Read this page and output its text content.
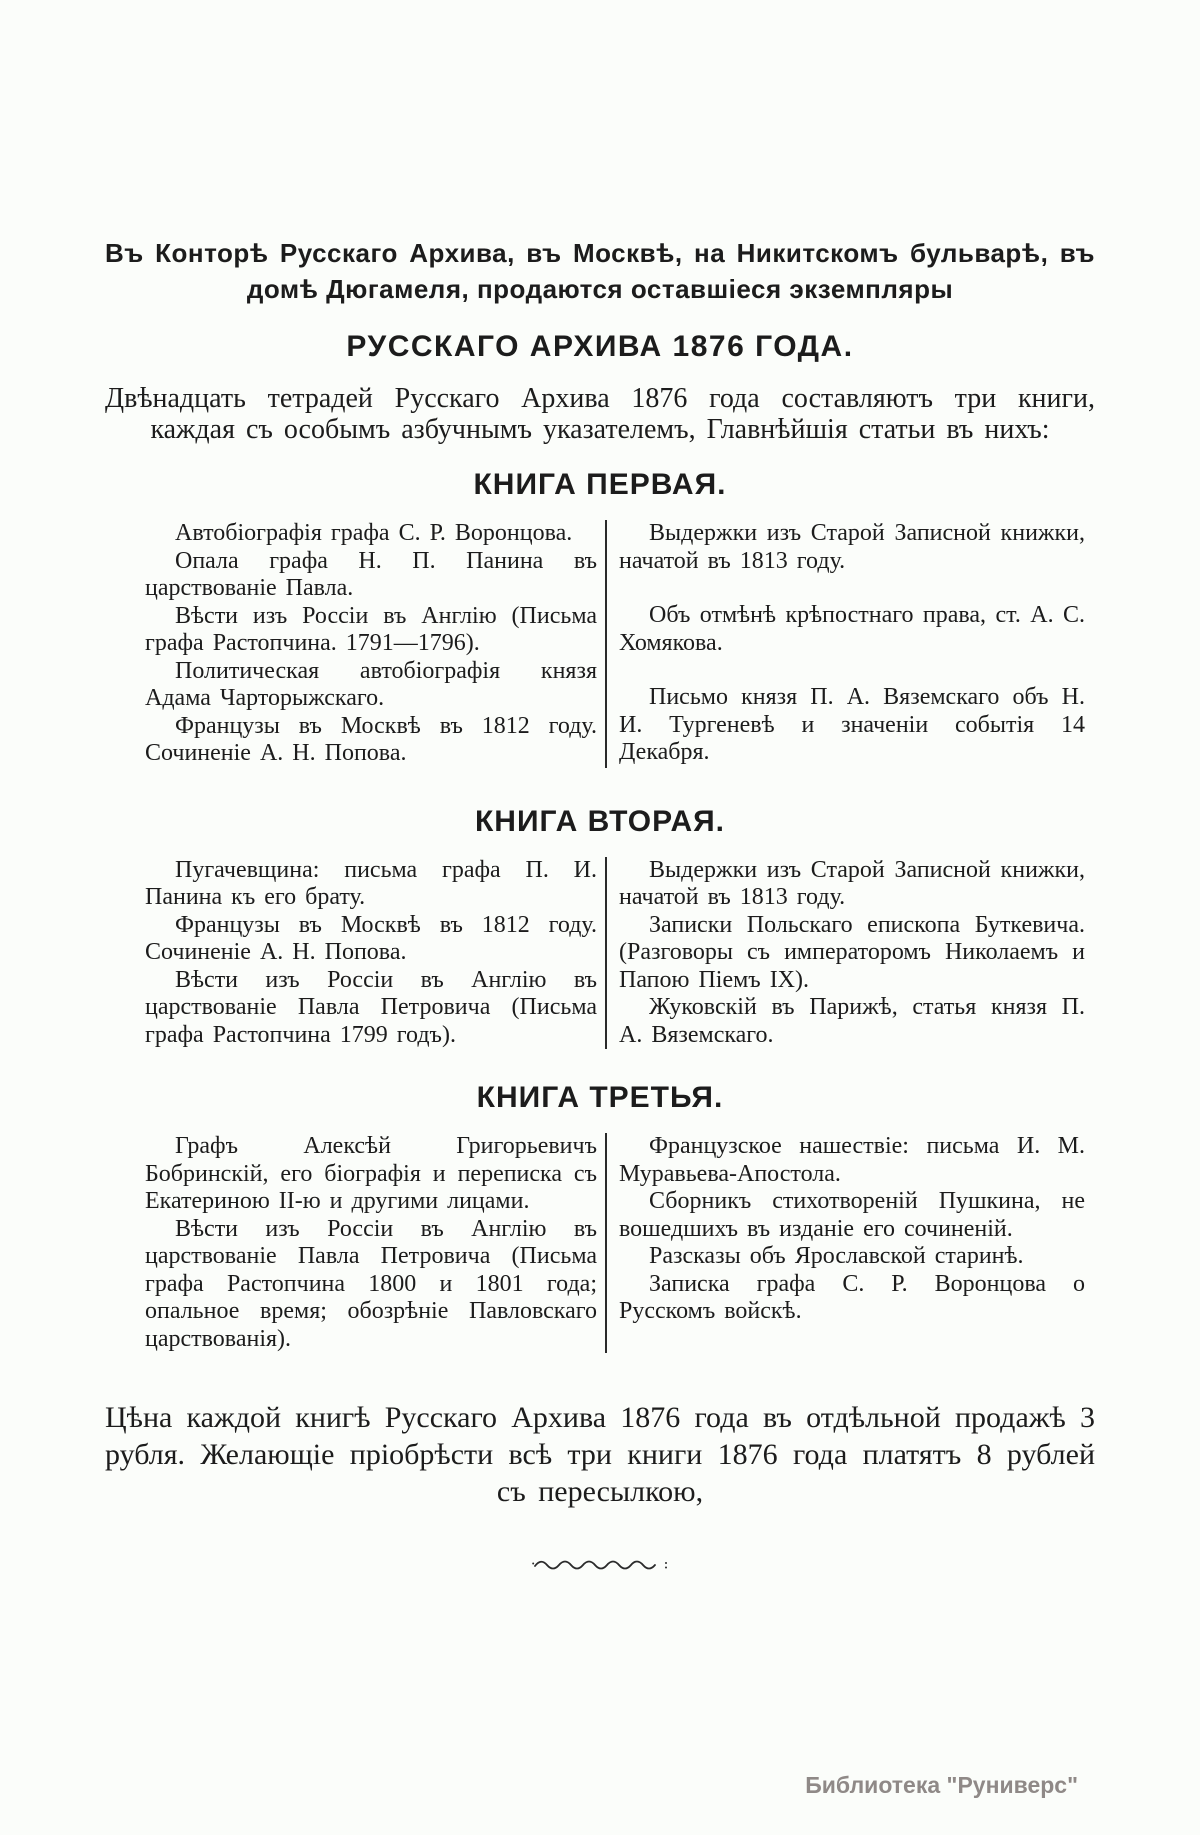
Въ Конторѣ Русскаго Архива, въ Москвѣ, на Никитскомъ бульварѣ, въ домѣ Дюгамеля, продаются оставшіеся экземпляры

РУССКАГО АРХИВА 1876 ГОДА.

Двѣнадцать тетрадей Русскаго Архива 1876 года составляютъ три книги, каждая съ особымъ азбучнымъ указателемъ, Главнѣйшія статьи въ нихъ:

КНИГА ПЕРВАЯ.

Автобіографія графа С. Р. Воронцова.

Опала графа Н. П. Панина въ царствованіе Павла.

Вѣсти изъ Россіи въ Англію (Письма графа Растопчина. 1791—1796).

Политическая автобіографія князя Адама Чарторыжскаго.

Французы въ Москвѣ въ 1812 году. Сочиненіе А. Н. Попова.

Выдержки изъ Старой Записной книжки, начатой въ 1813 году.

Объ отмѣнѣ крѣпостнаго права, ст. А. С. Хомякова.

Письмо князя П. А. Вяземскаго объ Н. И. Тургеневѣ и значеніи событія 14 Декабря.

КНИГА ВТОРАЯ.

Пугачевщина: письма графа П. И. Панина къ его брату.

Французы въ Москвѣ въ 1812 году. Сочиненіе А. Н. Попова.

Вѣсти изъ Россіи въ Англію въ царствованіе Павла Петровича (Письма графа Растопчина 1799 годъ).

Выдержки изъ Старой Записной книжки, начатой въ 1813 году.

Записки Польскаго епископа Буткевича. (Разговоры съ императоромъ Николаемъ и Папою Піемъ IX).

Жуковскій въ Парижѣ, статья князя П. А. Вяземскаго.

КНИГА ТРЕТЬЯ.

Графъ Алексѣй Григорьевичъ Бобринскій, его біографія и переписка съ Екатериною II-ю и другими лицами.

Вѣсти изъ Россіи въ Англію въ царствованіе Павла Петровича (Письма графа Растопчина 1800 и 1801 года; опальное время; обозрѣніе Павловскаго царствованія).

Французское нашествіе: письма И. М. Муравьева-Апостола.

Сборникъ стихотвореній Пушкина, не вошедшихъ въ изданіе его сочиненій.

Разсказы объ Ярославской старинѣ.

Записка графа С. Р. Воронцова о Русскомъ войскѣ.

Цѣна каждой книгѣ Русскаго Архива 1876 года въ отдѣльной продажѣ 3 рубля. Желающіе пріобрѣсти всѣ три книги 1876 года платятъ 8 рублей съ пересылкою,

Библиотека "Руниверс"
